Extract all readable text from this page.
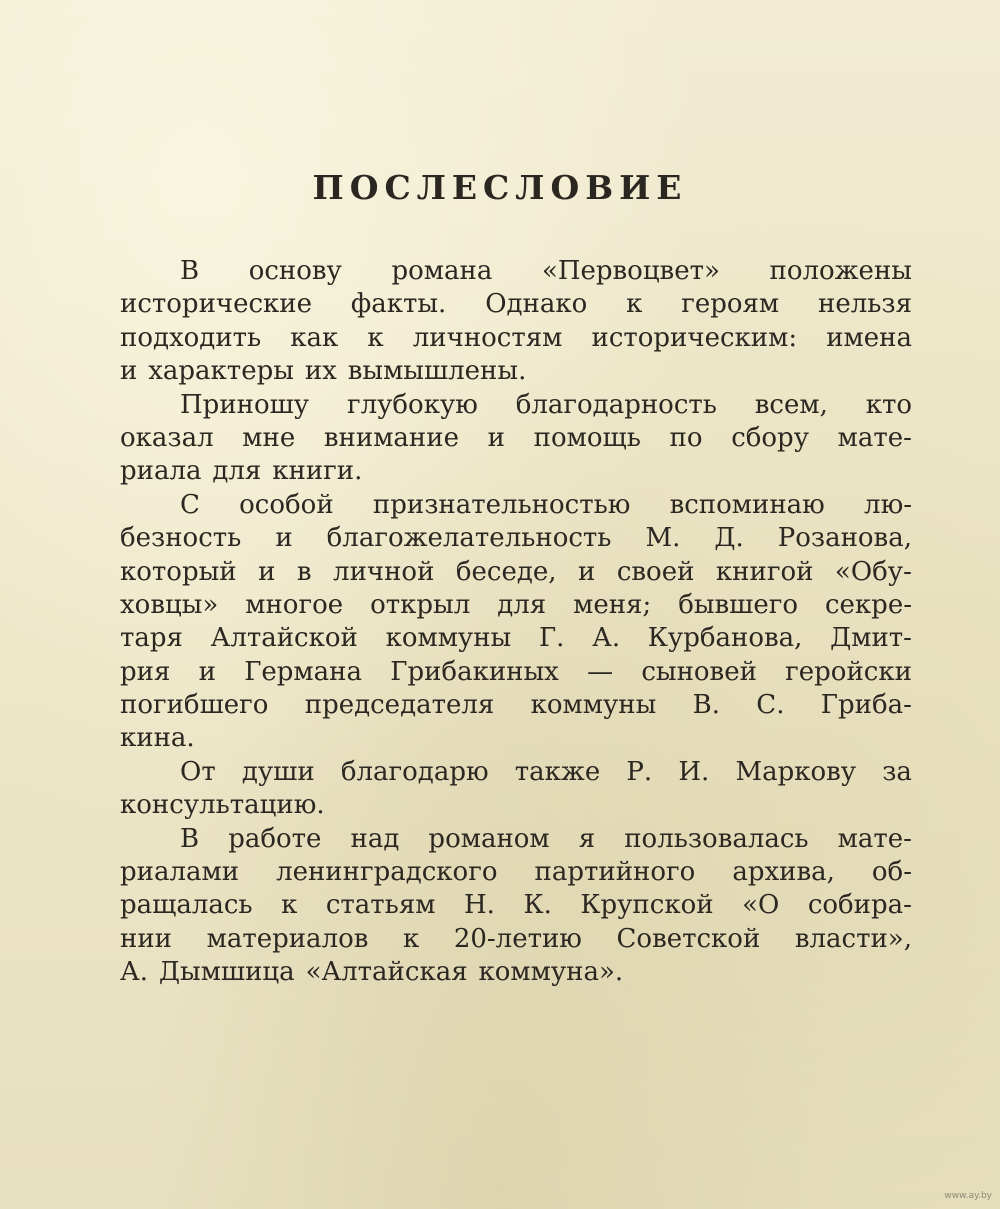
ПОСЛЕСЛОВИЕ
В основу романа «Первоцвет» положены
исторические факты. Однако к героям нельзя
подходить как к личностям историческим: имена
и характеры их вымышлены.
Приношу глубокую благодарность всем, кто
оказал мне внимание и помощь по сбору мате-
риала для книги.
С особой признательностью вспоминаю лю-
безность и благожелательность М. Д. Розанова,
который и в личной беседе, и своей книгой «Обу-
ховцы» многое открыл для меня; бывшего секре-
таря Алтайской коммуны Г. А. Курбанова, Дмит-
рия и Германа Грибакиных — сыновей геройски
погибшего председателя коммуны В. С. Гриба-
кина.
От души благодарю также Р. И. Маркову за
консультацию.
В работе над романом я пользовалась мате-
риалами ленинградского партийного архива, об-
ращалась к статьям Н. К. Крупской «О собира-
нии материалов к 20-летию Советской власти»,
А. Дымшица «Алтайская коммуна».
www.ay.by
